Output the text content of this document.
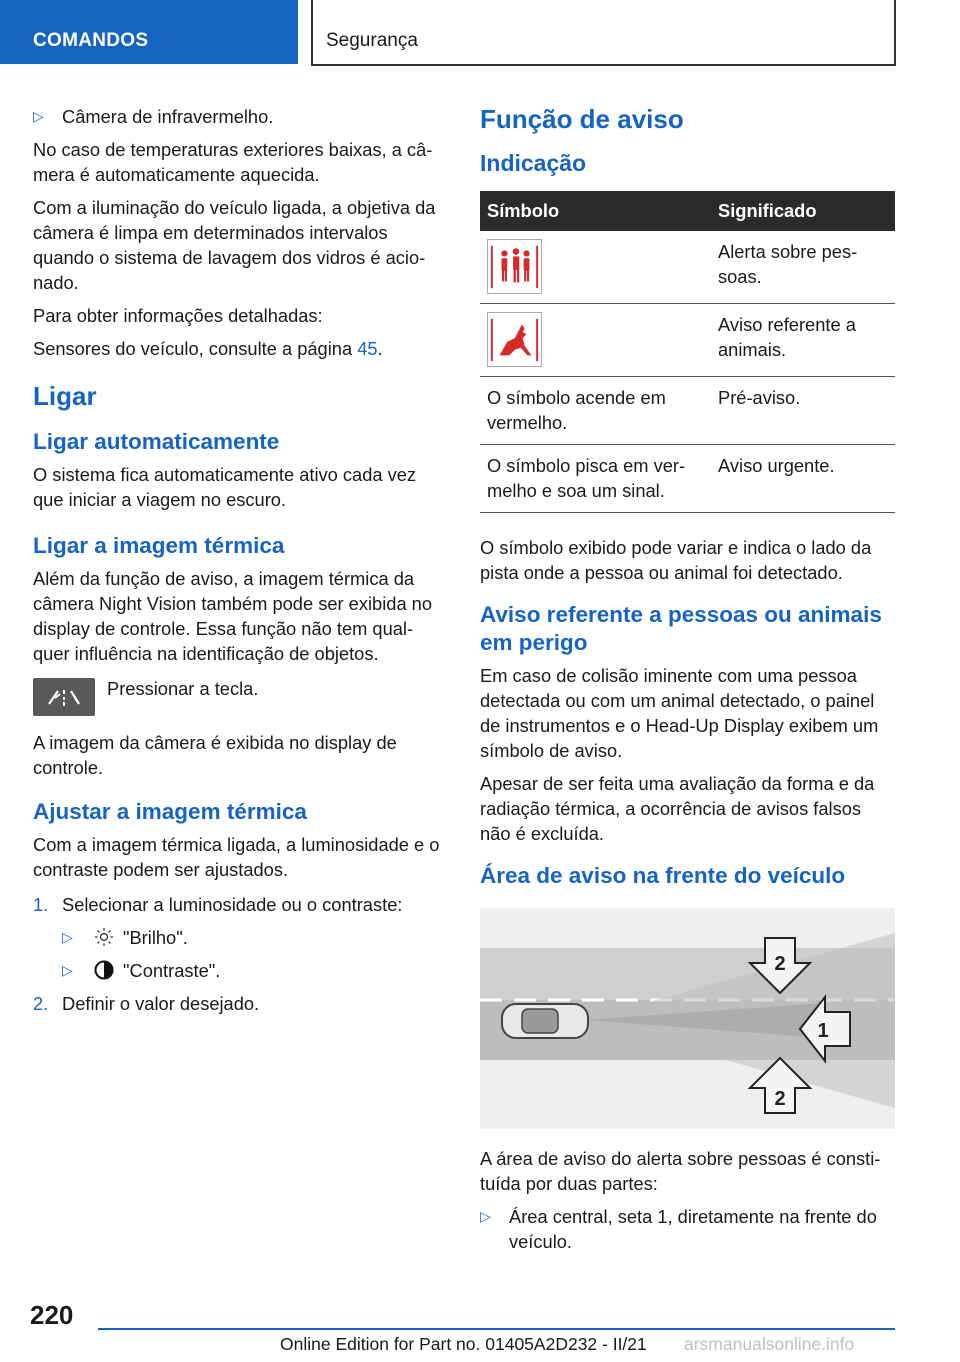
COMANDOS	Segurança
▷ Câmera de infravermelho.

No caso de temperaturas exteriores baixas, a câ-mera é automaticamente aquecida.

Com a iluminação do veículo ligada, a objetiva da câmera é limpa em determinados intervalos quando o sistema de lavagem dos vidros é acio-nado.

Para obter informações detalhadas:

Sensores do veículo, consulte a página 45.

Ligar
Ligar automaticamente

O sistema fica automaticamente ativo cada vez que iniciar a viagem no escuro.

Ligar a imagem térmica

Além da função de aviso, a imagem térmica da câmera Night Vision também pode ser exibida no display de controle. Essa função não tem qual-quer influência na identificação de objetos.

Pressionar a tecla.

A imagem da câmera é exibida no display de controle.

Ajustar a imagem térmica

Com a imagem térmica ligada, a luminosidade e o contraste podem ser ajustados.

1. Selecionar a luminosidade ou o contraste:
▷	"Brilho".
▷	"Contraste".
2. Definir o valor desejado.
Função de aviso
Indicação
Símbolo	Significado

	Alerta sobre pes-soas.

	Aviso referente a animais.
O símbolo acende em vermelho.	Pré-aviso.
O símbolo pisca em ver-melho e soa um sinal.	Aviso urgente.

O símbolo exibido pode variar e indica o lado da pista onde a pessoa ou animal foi detectado.

Aviso referente a pessoas ou animais em perigo

Em caso de colisão iminente com uma pessoa detectada ou com um animal detectado, o painel de instrumentos e o Head-Up Display exibem um símbolo de aviso.

Apesar de ser feita uma avaliação da forma e da radiação térmica, a ocorrência de avisos falsos não é excluída.

Área de aviso na frente do veículo
2
1
2

A área de aviso do alerta sobre pessoas é consti-tuída por duas partes:

▷ Área central, seta 1, diretamente na frente do veículo.
220
Online Edition for Part no. 01405A2D232 - II/21 arsmanualsonline.info
